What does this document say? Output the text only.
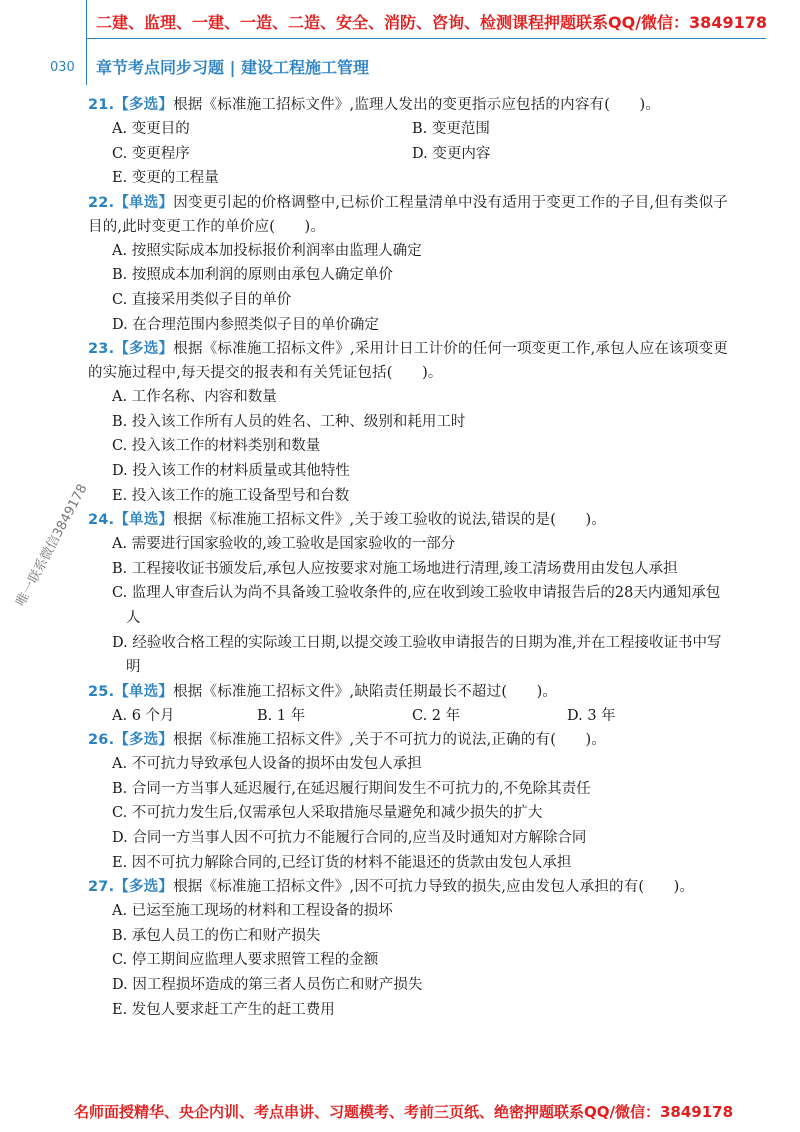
二建、监理、一建、一造、二造、安全、消防、咨询、检测课程押题联系QQ/微信：3849178
030 章节考点同步习题 | 建设工程施工管理
唯一联系微信3849178

21.【多选】根据《标准施工招标文件》,监理人发出的变更指示应包括的内容有(　　)。

A. 变更目的	B. 变更范围
C. 变更程序	D. 变更内容
E. 变更的工程量

22.【单选】因变更引起的价格调整中,已标价工程量清单中没有适用于变更工作的子目,但有类似子目的,此时变更工作的单价应(　　)。

A. 按照实际成本加投标报价利润率由监理人确定

B. 按照成本加利润的原则由承包人确定单价

C. 直接采用类似子目的单价

D. 在合理范围内参照类似子目的单价确定

23.【多选】根据《标准施工招标文件》,采用计日工计价的任何一项变更工作,承包人应在该项变更的实施过程中,每天提交的报表和有关凭证包括(　　)。

A. 工作名称、内容和数量

B. 投入该工作所有人员的姓名、工种、级别和耗用工时

C. 投入该工作的材料类别和数量

D. 投入该工作的材料质量或其他特性

E. 投入该工作的施工设备型号和台数

24.【单选】根据《标准施工招标文件》,关于竣工验收的说法,错误的是(　　)。

A. 需要进行国家验收的,竣工验收是国家验收的一部分

B. 工程接收证书颁发后,承包人应按要求对施工场地进行清理,竣工清场费用由发包人承担

C. 监理人审查后认为尚不具备竣工验收条件的,应在收到竣工验收申请报告后的28天内通知承包人

D. 经验收合格工程的实际竣工日期,以提交竣工验收申请报告的日期为准,并在工程接收证书中写明

25.【单选】根据《标准施工招标文件》,缺陷责任期最长不超过(　　)。

A. 6 个月	B. 1 年	C. 2 年	D. 3 年

26.【多选】根据《标准施工招标文件》,关于不可抗力的说法,正确的有(　　)。

A. 不可抗力导致承包人设备的损坏由发包人承担

B. 合同一方当事人延迟履行,在延迟履行期间发生不可抗力的,不免除其责任

C. 不可抗力发生后,仅需承包人采取措施尽量避免和减少损失的扩大

D. 合同一方当事人因不可抗力不能履行合同的,应当及时通知对方解除合同

E. 因不可抗力解除合同的,已经订货的材料不能退还的货款由发包人承担

27.【多选】根据《标准施工招标文件》,因不可抗力导致的损失,应由发包人承担的有(　　)。

A. 已运至施工现场的材料和工程设备的损坏

B. 承包人员工的伤亡和财产损失

C. 停工期间应监理人要求照管工程的金额

D. 因工程损坏造成的第三者人员伤亡和财产损失

E. 发包人要求赶工产生的赶工费用

名师面授精华、央企内训、考点串讲、习题模考、考前三页纸、绝密押题联系QQ/微信：3849178
